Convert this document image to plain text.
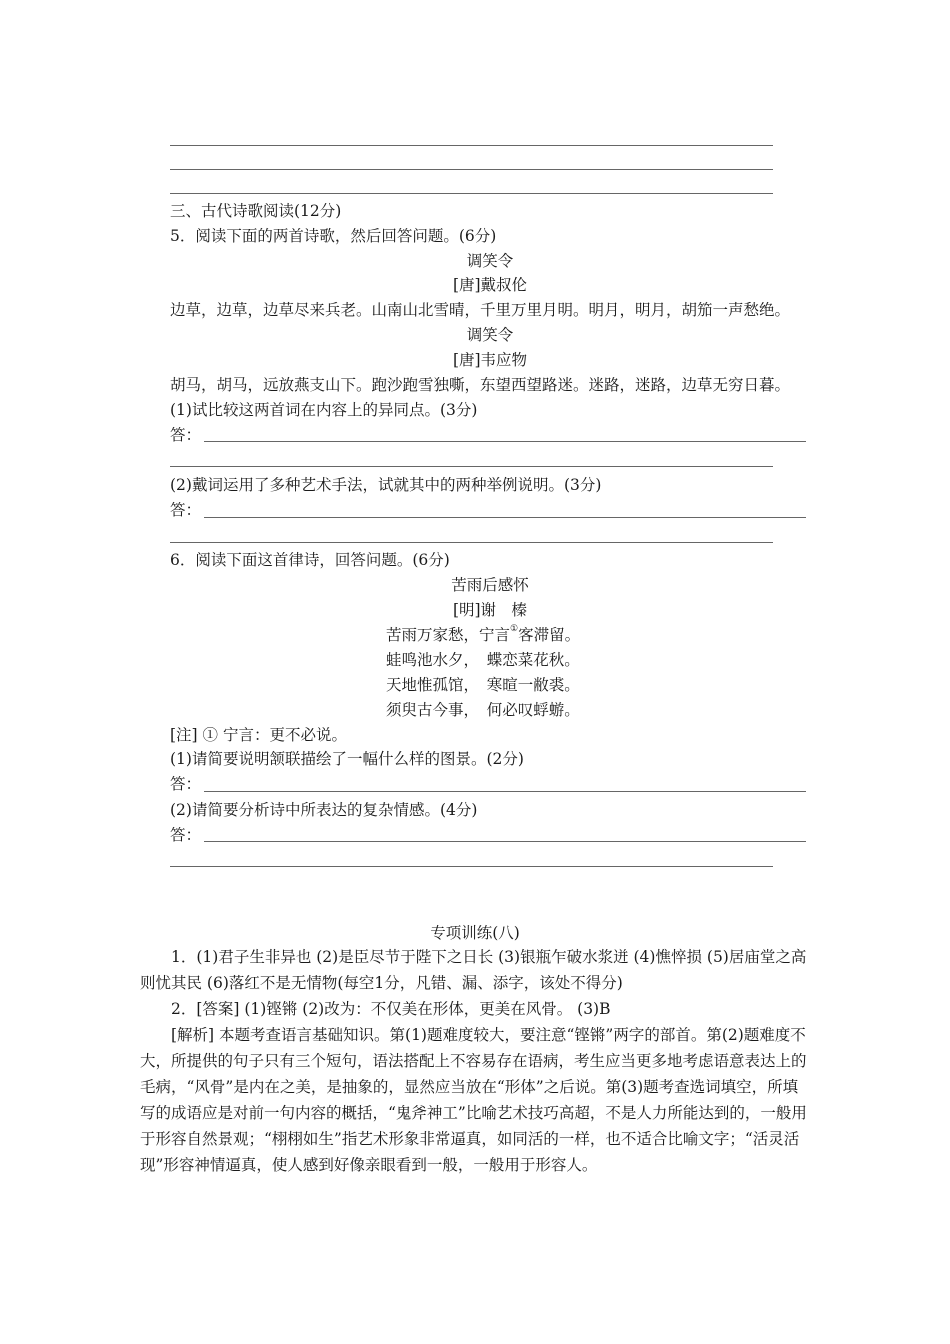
三、古代诗歌阅读(12分)
5．阅读下面的两首诗歌，然后回答问题。(6分)
调笑令
[唐]戴叔伦
边草，边草，边草尽来兵老。山南山北雪晴，千里万里月明。明月，明月，胡笳一声愁绝。
调笑令
[唐]韦应物
胡马，胡马，远放燕支山下。跑沙跑雪独嘶，东望西望路迷。迷路，迷路，边草无穷日暮。
(1)试比较这两首词在内容上的异同点。(3分)
答：
(2)戴词运用了多种艺术手法，试就其中的两种举例说明。(3分)
答：
6．阅读下面这首律诗，回答问题。(6分)
苦雨后感怀
[明]谢　榛
苦雨万家愁，宁言①客滞留。
蛙鸣池水夕，　蝶恋菜花秋。
天地惟孤馆，　寒暄一敝裘。
须臾古今事，　何必叹蜉蝣。
[注] ① 宁言：更不必说。
(1)请简要说明颔联描绘了一幅什么样的图景。(2分)
答：
(2)请简要分析诗中所表达的复杂情感。(4分)
答：
专项训练(八)

1．(1)君子生非异也 (2)是臣尽节于陛下之日长 (3)银瓶乍破水浆迸 (4)憔悴损 (5)居庙堂之高则忧其民 (6)落红不是无情物(每空1分，凡错、漏、添字，该处不得分)

2．[答案] (1)铿锵 (2)改为：不仅美在形体，更美在风骨。 (3)B

[解析] 本题考查语言基础知识。第(1)题难度较大，要注意“铿锵”两字的部首。第(2)题难度不大，所提供的句子只有三个短句，语法搭配上不容易存在语病，考生应当更多地考虑语意表达上的毛病，“风骨”是内在之美，是抽象的，显然应当放在“形体”之后说。第(3)题考查选词填空，所填写的成语应是对前一句内容的概括，“鬼斧神工”比喻艺术技巧高超，不是人力所能达到的，一般用于形容自然景观；“栩栩如生”指艺术形象非常逼真，如同活的一样，也不适合比喻文字；“活灵活现”形容神情逼真，使人感到好像亲眼看到一般，一般用于形容人。
